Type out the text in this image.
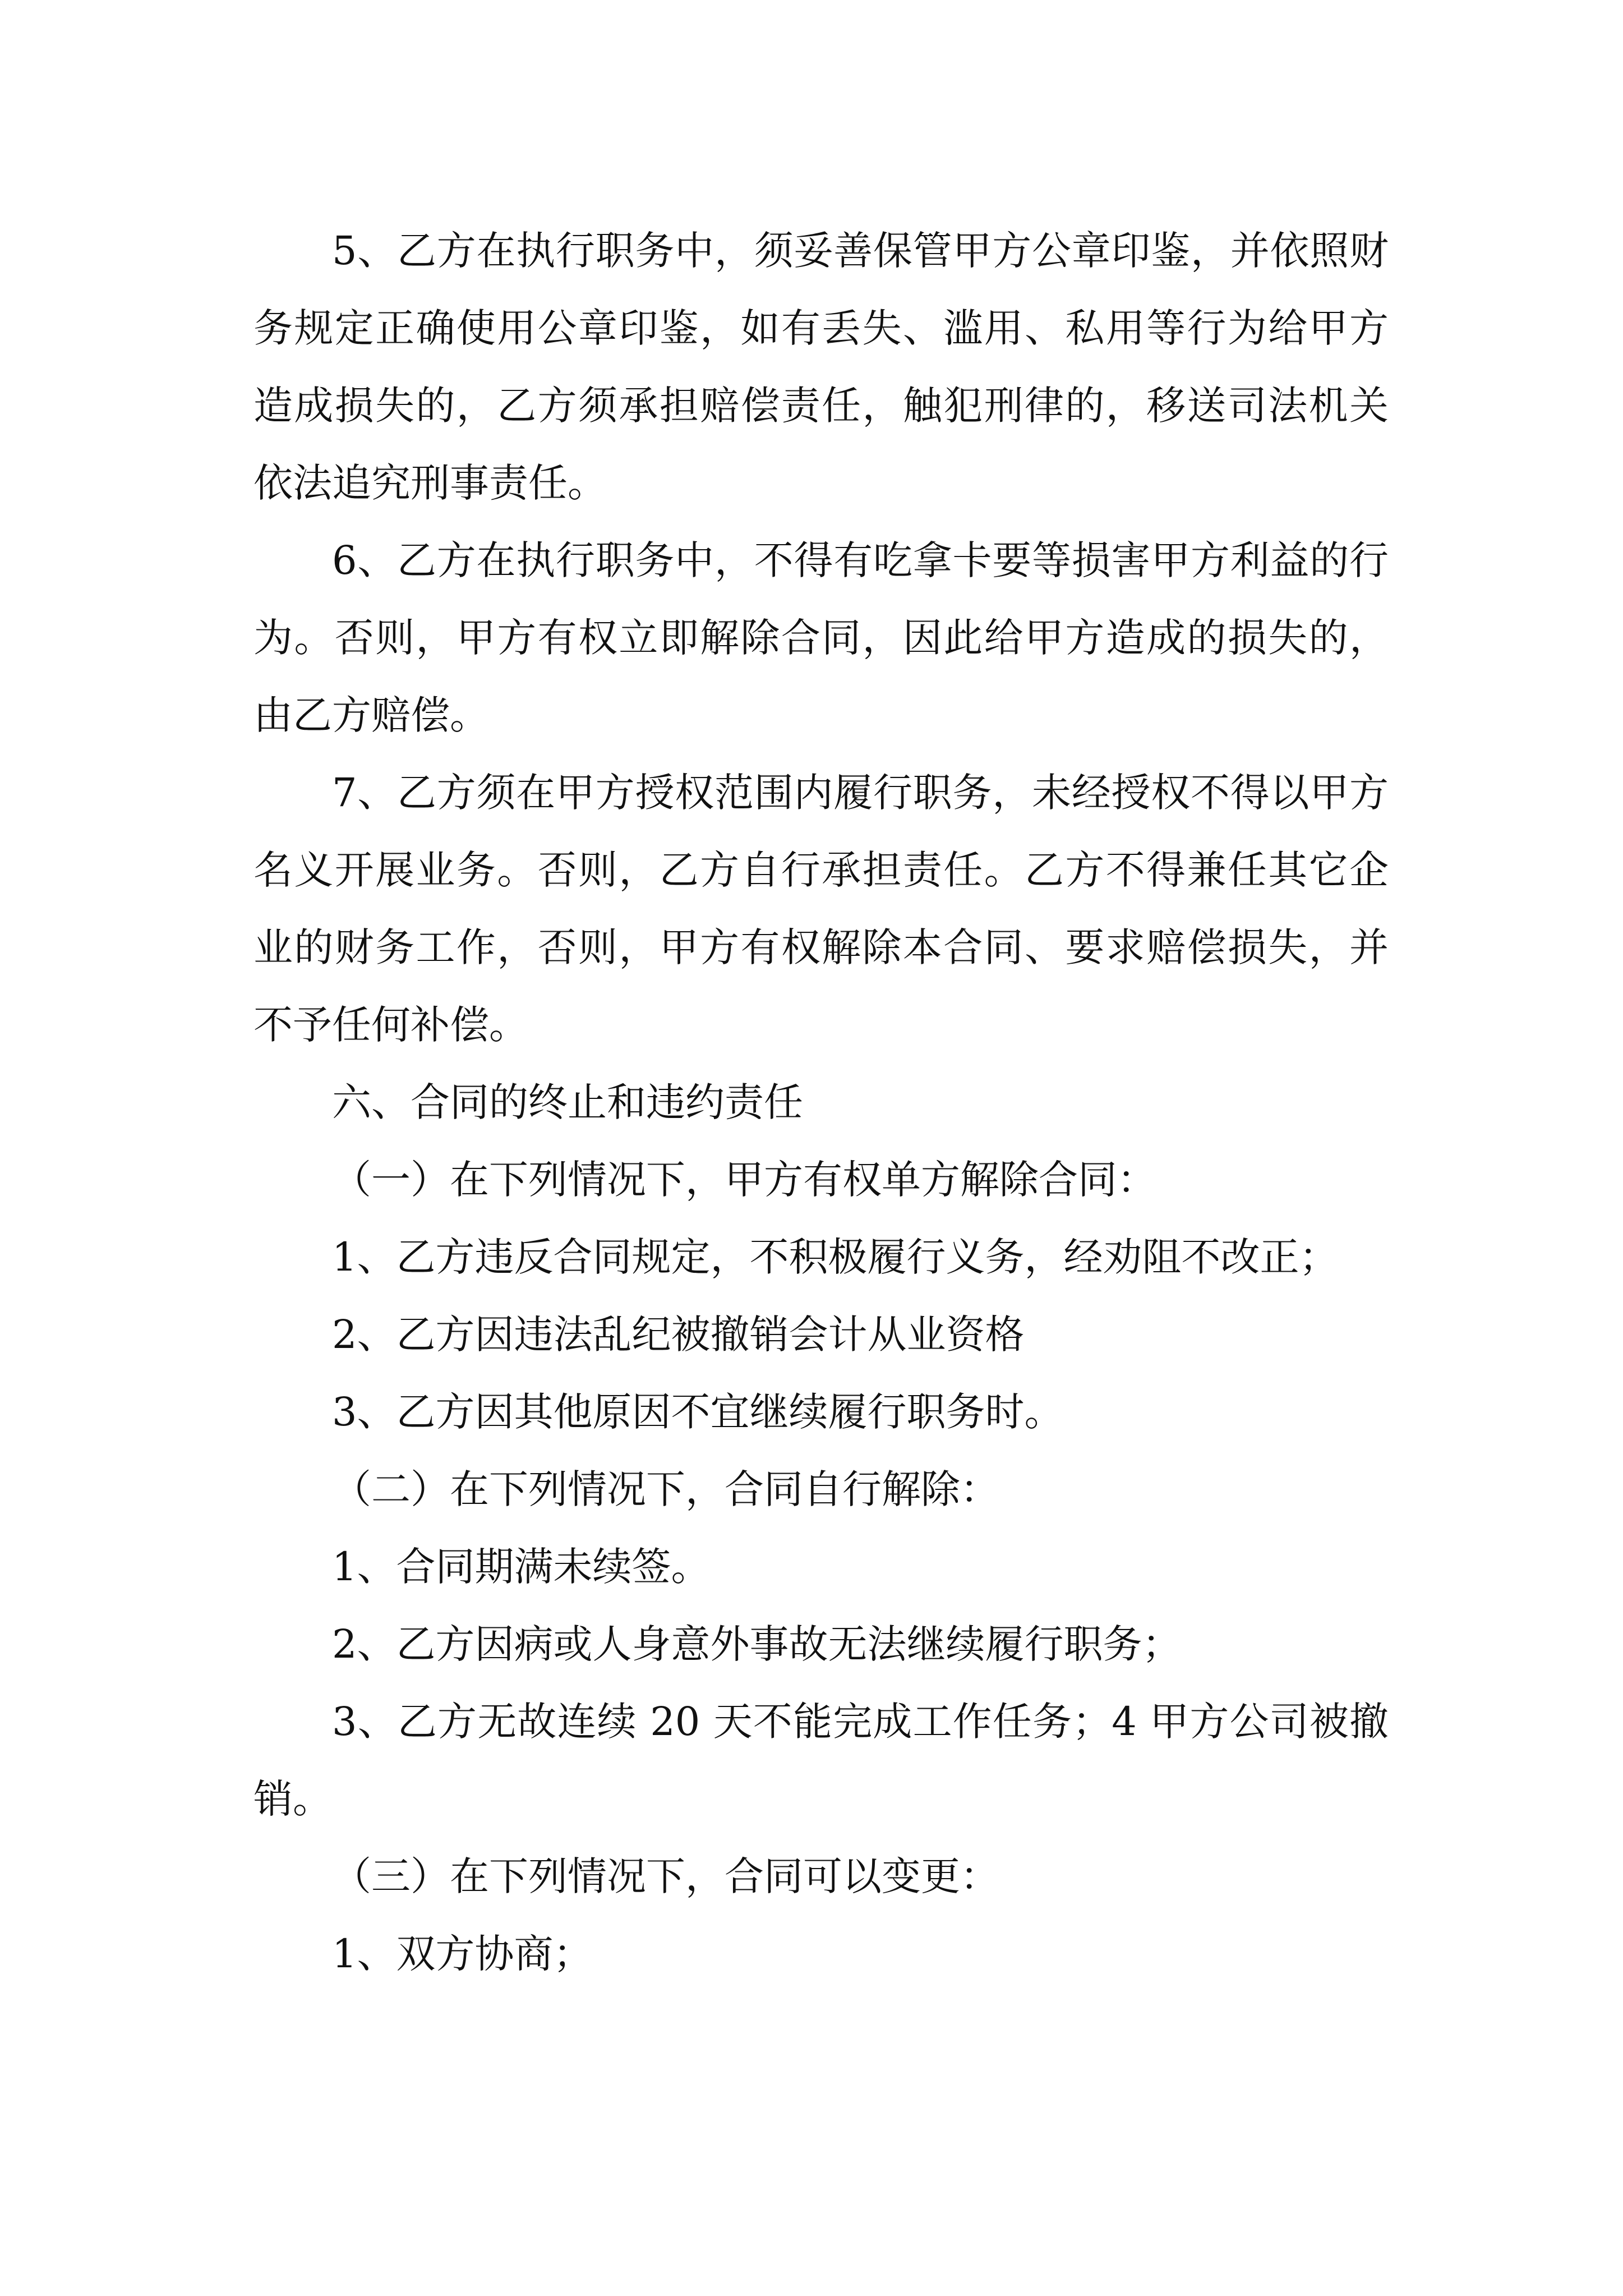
5、乙方在执行职务中，须妥善保管甲方公章印鉴，并依照财务规定正确使用公章印鉴，如有丢失、滥用、私用等行为给甲方造成损失的，乙方须承担赔偿责任，触犯刑律的，移送司法机关依法追究刑事责任。

6、乙方在执行职务中，不得有吃拿卡要等损害甲方利益的行为。否则，甲方有权立即解除合同，因此给甲方造成的损失的，由乙方赔偿。

7、乙方须在甲方授权范围内履行职务，未经授权不得以甲方名义开展业务。否则，乙方自行承担责任。乙方不得兼任其它企业的财务工作，否则，甲方有权解除本合同、要求赔偿损失，并不予任何补偿。

六、合同的终止和违约责任

（一）在下列情况下，甲方有权单方解除合同：

1、乙方违反合同规定，不积极履行义务，经劝阻不改正；

2、乙方因违法乱纪被撤销会计从业资格

3、乙方因其他原因不宜继续履行职务时。

（二）在下列情况下，合同自行解除：

1、合同期满未续签。

2、乙方因病或人身意外事故无法继续履行职务；

3、乙方无故连续 20 天不能完成工作任务；4 甲方公司被撤销。

（三）在下列情况下，合同可以变更：

1、双方协商；
